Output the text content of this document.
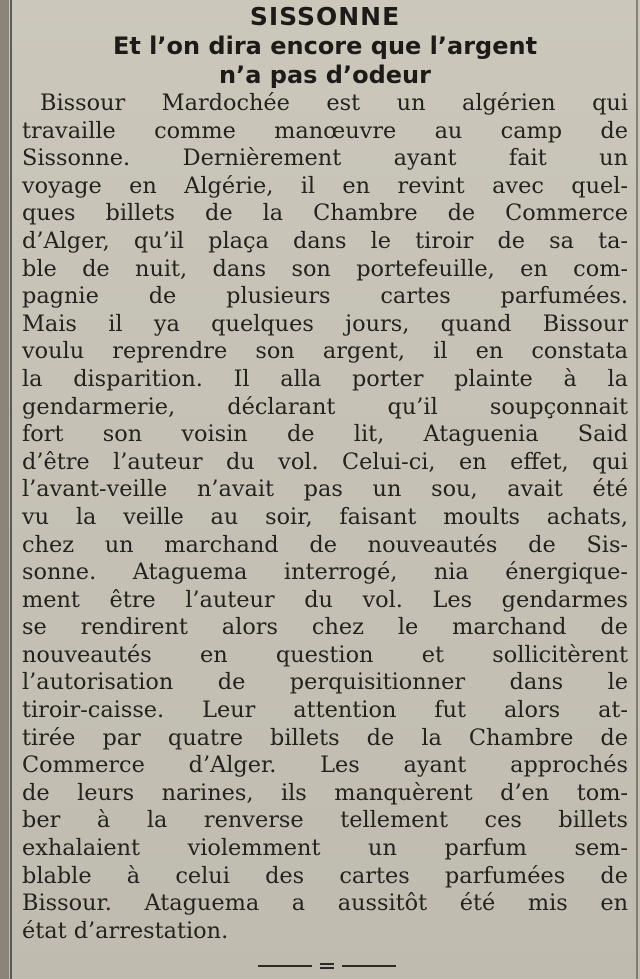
SISSONNE
Et l’on dira encore que l’argent
n’a pas d’odeur

Bissour Mardochée est un algérien qui
travaille comme manœuvre au camp de
Sissonne. Dernièrement ayant fait un
voyage en Algérie, il en revint avec quel-
ques billets de la Chambre de Commerce
d’Alger, qu’il plaça dans le tiroir de sa ta-
ble de nuit, dans son portefeuille, en com-
pagnie de plusieurs cartes parfumées.
Mais il ya quelques jours, quand Bissour
voulu reprendre son argent, il en constata
la disparition. Il alla porter plainte à la
gendarmerie, déclarant qu’il soupçonnait
fort son voisin de lit, Ataguenia Said
d’être l’auteur du vol. Celui-ci, en effet, qui
l’avant-veille n’avait pas un sou, avait été
vu la veille au soir, faisant moults achats,
chez un marchand de nouveautés de Sis-
sonne. Ataguema interrogé, nia énergique-
ment être l’auteur du vol. Les gendarmes
se rendirent alors chez le marchand de
nouveautés en question et sollicitèrent
l’autorisation de perquisitionner dans le
tiroir-caisse. Leur attention fut alors at-
tirée par quatre billets de la Chambre de
Commerce d’Alger. Les ayant approchés
de leurs narines, ils manquèrent d’en tom-
ber à la renverse tellement ces billets
exhalaient violemment un parfum sem-
blable à celui des cartes parfumées de
Bissour. Ataguema a aussitôt été mis en
état d’arrestation.
